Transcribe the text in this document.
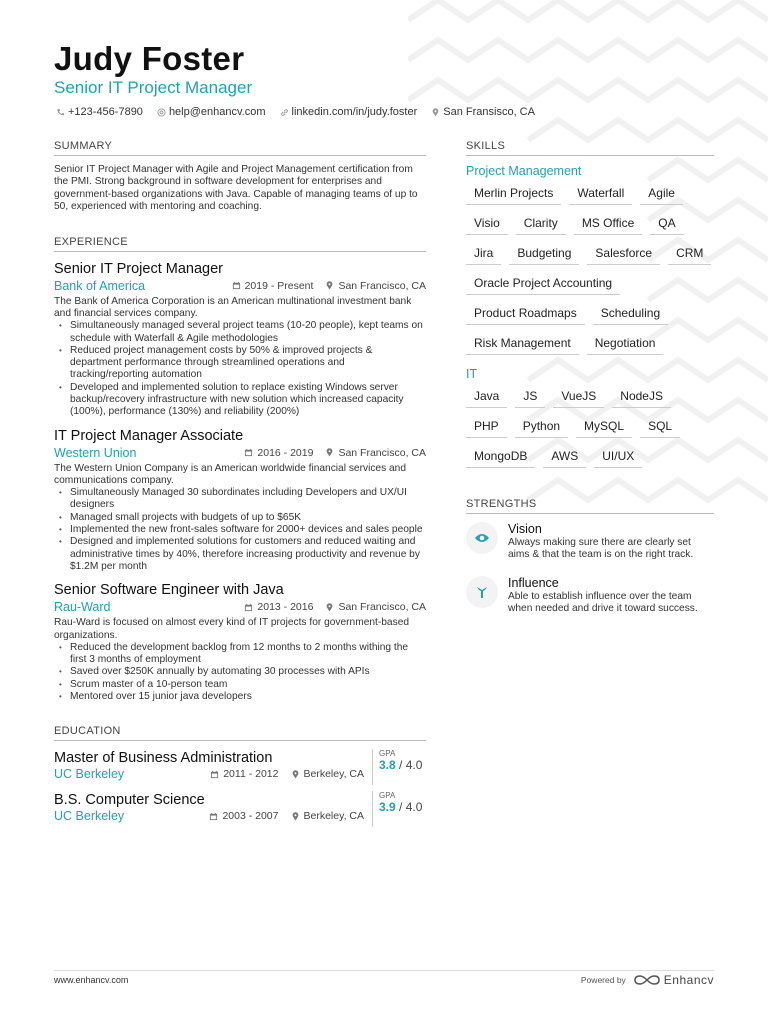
Judy Foster
Senior IT Project Manager
+123-456-7890 help@enhancv.com linkedin.com/in/judy.foster San Fransisco, CA
SUMMARY
Senior IT Project Manager with Agile and Project Management certification from the PMI. Strong background in software development for enterprises and government-based organizations with Java. Capable of managing teams of up to 50, experienced with mentoring and coaching.
EXPERIENCE
Senior IT Project Manager
Bank of America	2019 - Present San Francisco, CA
The Bank of America Corporation is an American multinational investment bank and financial services company.
• Simultaneously managed several project teams (10-20 people), kept teams on schedule with Waterfall & Agile methodologies
• Reduced project management costs by 50% & improved projects & department performance through streamlined operations and tracking/reporting automation
• Developed and implemented solution to replace existing Windows server backup/recovery infrastructure with new solution which increased capacity (100%), performance (130%) and reliability (200%)
IT Project Manager Associate
Western Union	2016 - 2019 San Francisco, CA
The Western Union Company is an American worldwide financial services and communications company.
• Simultaneously Managed 30 subordinates including Developers and UX/UI designers
• Managed small projects with budgets of up to $65K
• Implemented the new front-sales software for 2000+ devices and sales people
• Designed and implemented solutions for customers and reduced waiting and administrative times by 40%, therefore increasing productivity and revenue by $1.2M per month
Senior Software Engineer with Java
Rau-Ward	2013 - 2016 San Francisco, CA
Rau-Ward is focused on almost every kind of IT projects for government-based organizations.
• Reduced the development backlog from 12 months to 2 months withing the first 3 months of employment
• Saved over $250K annually by automating 30 processes with APIs
• Scrum master of a 10-person team
• Mentored over 15 junior java developers
EDUCATION
Master of Business Administration
UC Berkeley	2011 - 2012 Berkeley, CA
GPA
3.8 / 4.0
B.S. Computer Science
UC Berkeley	2003 - 2007 Berkeley, CA
GPA
3.9 / 4.0
SKILLS
Project Management
Merlin Projects	Waterfall	Agile
Visio	Clarity	MS Office	QA
Jira	Budgeting	Salesforce	CRM
Oracle Project Accounting
Product Roadmaps	Scheduling
Risk Management	Negotiation
IT
Java	JS	VueJS	NodeJS
PHP	Python	MySQL	SQL
MongoDB	AWS	UI/UX
STRENGTHS
Vision
Always making sure there are clearly set aims & that the team is on the right track.
Influence
Able to establish influence over the team when needed and drive it toward success.
www.enhancv.com	Powered by	Enhancv
